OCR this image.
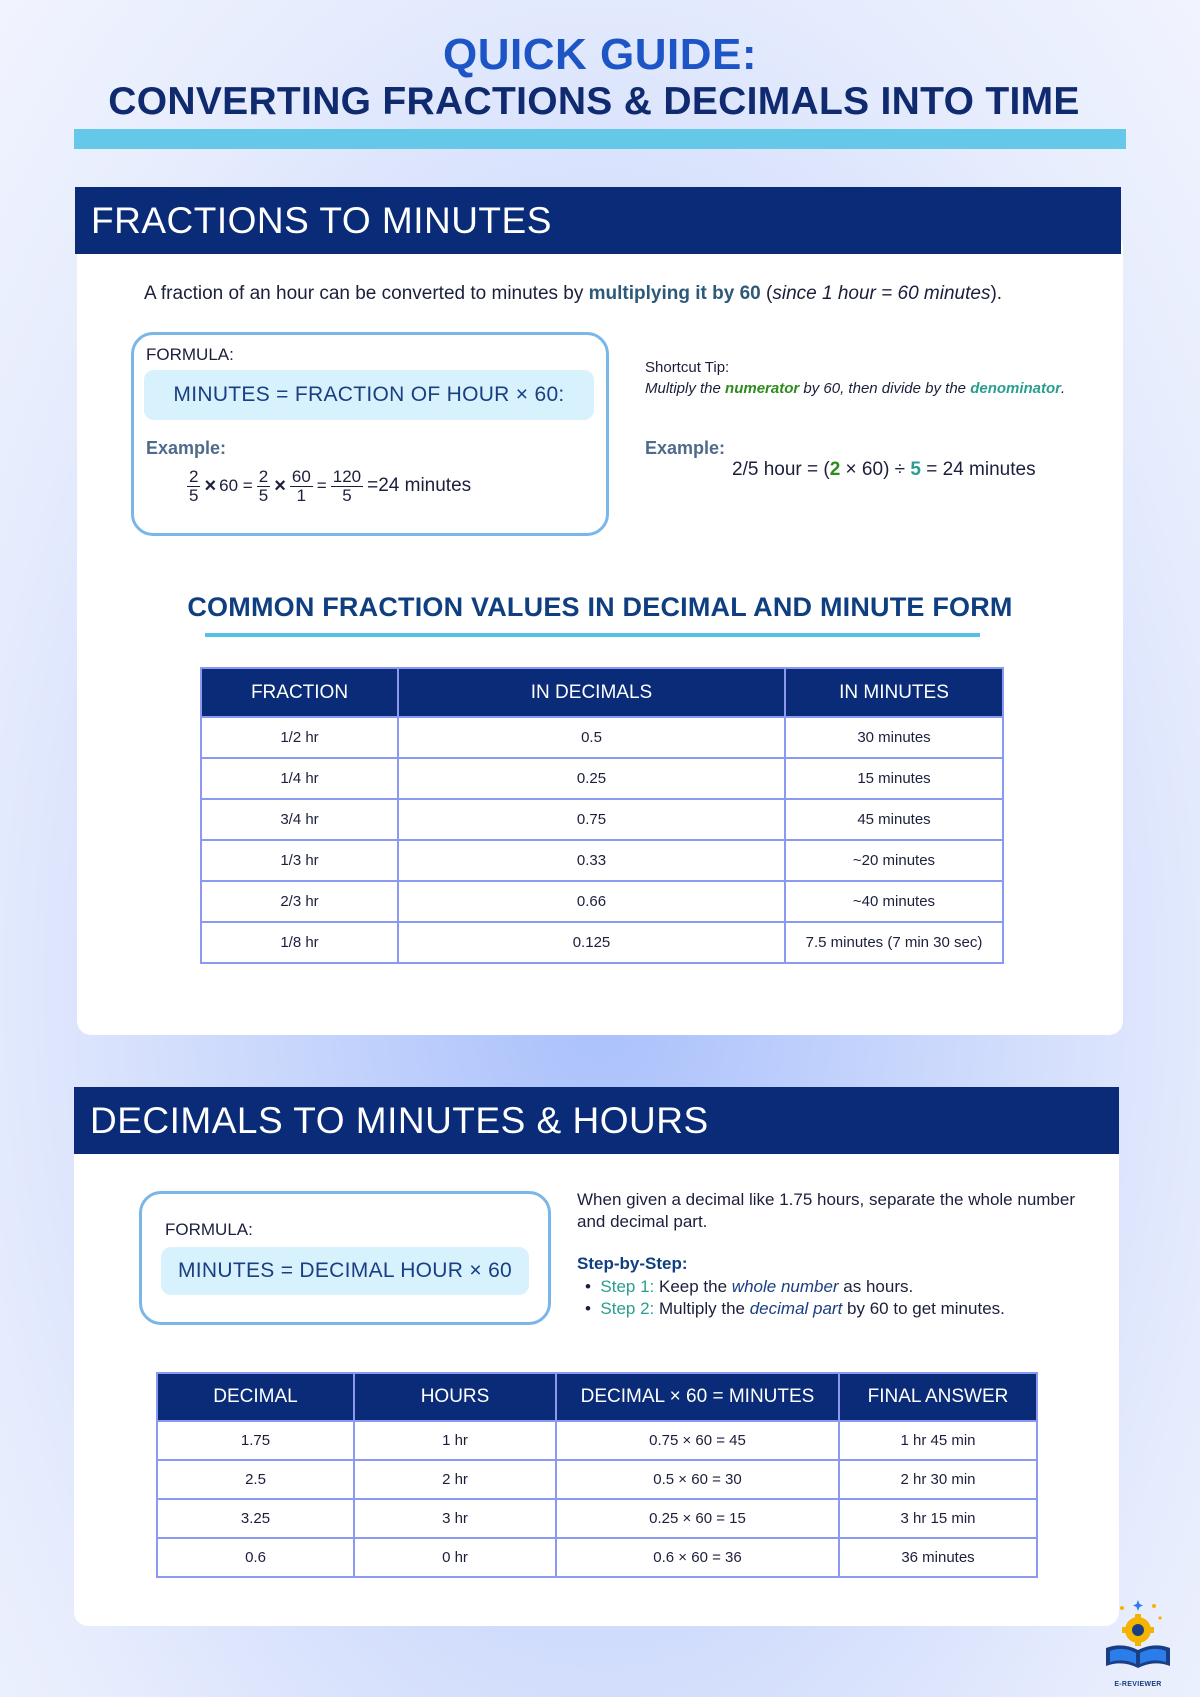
QUICK GUIDE:
CONVERTING FRACTIONS & DECIMALS INTO TIME
FRACTIONS TO MINUTES
A fraction of an hour can be converted to minutes by multiplying it by 60 (since 1 hour = 60 minutes).
FORMULA:
MINUTES = FRACTION OF HOUR × 60:
Example:
$\frac{2}{5} \times 60 = \frac{2}{5} \times \frac{60}{1} = \frac{120}{5} =24$ minutes
Shortcut Tip:
Multiply the numerator by 60, then divide by the denominator.
Example:
2/5 hour = (2 × 60) ÷ 5 = 24 minutes
COMMON FRACTION VALUES IN DECIMAL AND MINUTE FORM
FRACTION	IN DECIMALS	IN MINUTES
1/2 hr	0.5	30 minutes
1/4 hr	0.25	15 minutes
3/4 hr	0.75	45 minutes
1/3 hr	0.33	~20 minutes
2/3 hr	0.66	~40 minutes
1/8 hr	0.125	7.5 minutes (7 min 30 sec)
DECIMALS TO MINUTES & HOURS
FORMULA:
MINUTES = DECIMAL HOUR × 60
When given a decimal like 1.75 hours, separate the whole number and decimal part.
Step-by-Step:
•  Step 1: Keep the whole number as hours.
•  Step 2: Multiply the decimal part by 60 to get minutes.
DECIMAL	HOURS	DECIMAL × 60 = MINUTES	FINAL ANSWER
1.75	1 hr	0.75 × 60 = 45	1 hr 45 min
2.5	2 hr	0.5 × 60 = 30	2 hr 30 min
3.25	3 hr	0.25 × 60 = 15	3 hr 15 min
0.6	0 hr	0.6 × 60 = 36	36 minutes
E-REVIEWER
